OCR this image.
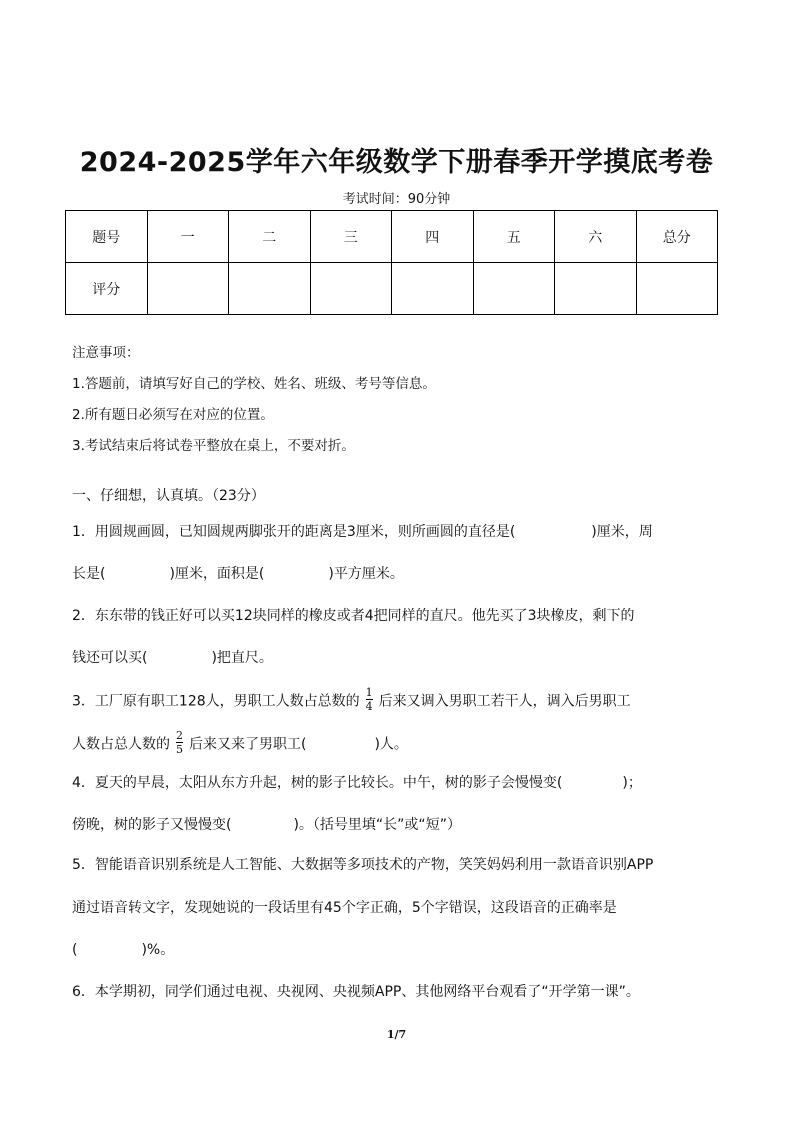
2024-2025学年六年级数学下册春季开学摸底考卷
考试时间：90分钟
题号	一	二	三	四	五	六	总分
评分							
注意事项：
1.答题前，请填写好自己的学校、姓名、班级、考号等信息。
2.所有题日必须写在对应的位置。
3.考试结束后将试卷平整放在桌上，不要对折。
一、仔细想，认真填。（23分）
1．用圆规画圆，已知圆规两脚张开的距离是3厘米，则所画圆的直径是(	)厘米，周
长是(	)厘米，面积是(	)平方厘米。
2．东东带的钱正好可以买12块同样的橡皮或者4把同样的直尺。他先买了3块橡皮，剩下的
钱还可以买(	)把直尺。
3．工厂原有职工128人，男职工人数占总数的 $\frac{1}{4}$ 后来又调入男职工若干人，调入后男职工
人数占总人数的 $\frac{2}{5}$ 后来又来了男职工(	)人。
4．夏天的早晨，太阳从东方升起，树的影子比较长。中午，树的影子会慢慢变(	)；
傍晚，树的影子又慢慢变(	)。（括号里填“长”或“短”）
5．智能语音识别系统是人工智能、大数据等多项技术的产物，笑笑妈妈利用一款语音识别APP
通过语音转文字，发现她说的一段话里有45个字正确，5个字错误，这段语音的正确率是
(	)%。
6．本学期初，同学们通过电视、央视网、央视频APP、其他网络平台观看了“开学第一课”。
1/7
